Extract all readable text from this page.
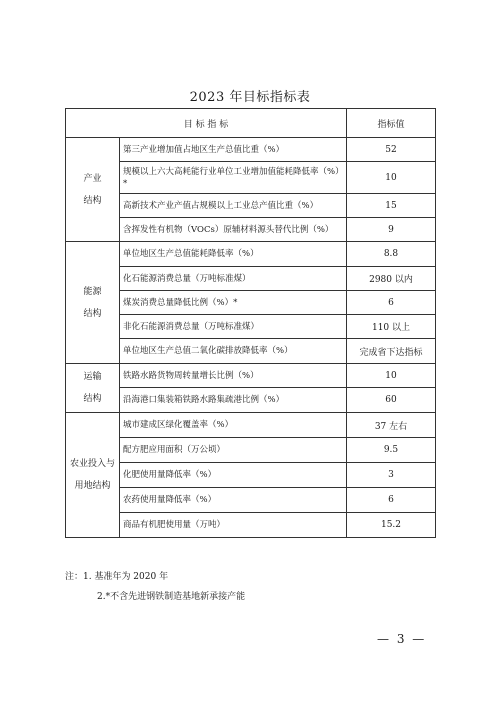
2023 年目标指标表
目 标 指 标		指标值

产业
结构	第三产业增加值占地区生产总值比重（%）	52
	规模以上六大高耗能行业单位工业增加值能耗降低率（%）*	10
	高新技术产业产值占规模以上工业总产值比重（%）	15
	含挥发性有机物（VOCs）原辅材料源头替代比例（%）	9

能源
结构	单位地区生产总值能耗降低率（%）	8.8
	化石能源消费总量（万吨标准煤）	2980 以内
	煤炭消费总量降低比例（%）*	6
	非化石能源消费总量（万吨标准煤）	110 以上
	单位地区生产总值二氧化碳排放降低率（%）	完成省下达指标

运输
结构	铁路水路货物周转量增长比例（%）	10
	沿海港口集装箱铁路水路集疏港比例（%）	60

农业投入与
用地结构	城市建成区绿化覆盖率（%）	37 左右
	配方肥应用面积（万公顷）	9.5
	化肥使用量降低率（%）	3
	农药使用量降低率（%）	6
	商品有机肥使用量（万吨）	15.2
注：1. 基准年为 2020 年
2.*不含先进钢铁制造基地新承接产能
— 3 —
